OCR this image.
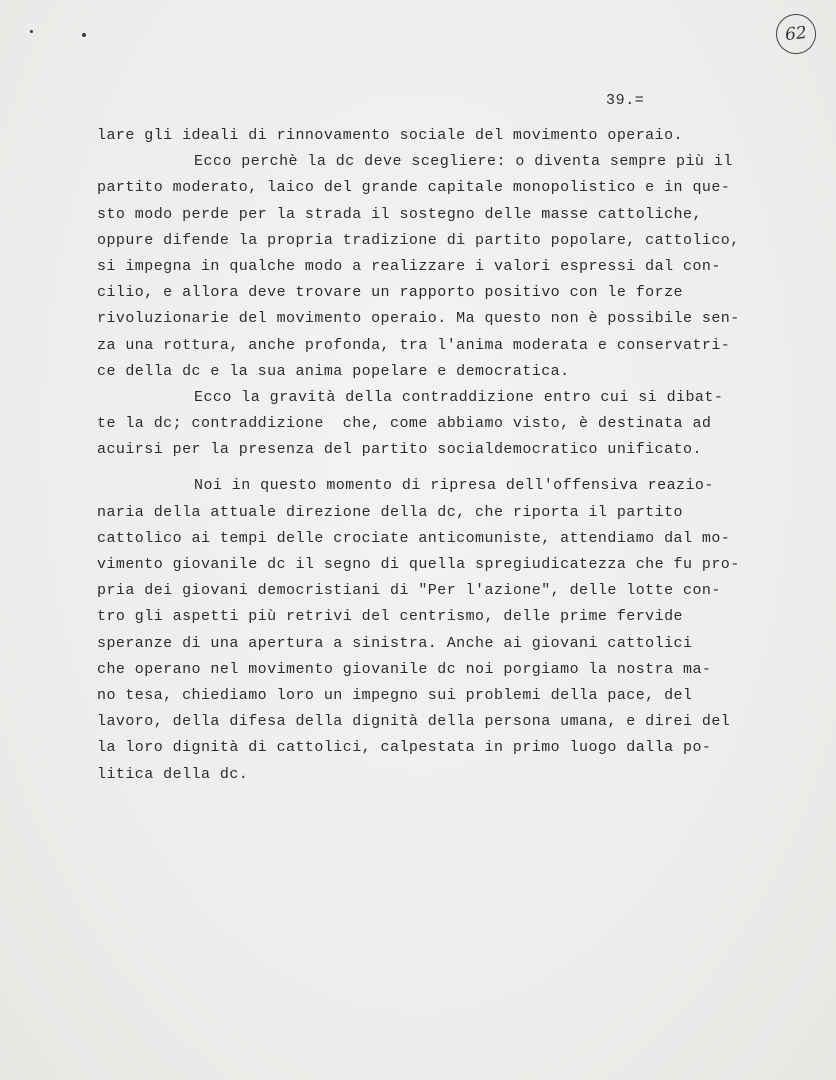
62
39.=
lare gli ideali di rinnovamento sociale del movimento operaio.
Ecco perchè la dc deve scegliere: o diventa sempre più il
partito moderato, laico del grande capitale monopolistico e in que-
sto modo perde per la strada il sostegno delle masse cattoliche,
oppure difende la propria tradizione di partito popolare, cattolico,
si impegna in qualche modo a realizzare i valori espressi dal con-
cilio, e allora deve trovare un rapporto positivo con le forze
rivoluzionarie del movimento operaio. Ma questo non è possibile sen-
za una rottura, anche profonda, tra l'anima moderata e conservatri-
ce della dc e la sua anima popelare e democratica.
Ecco la gravità della contraddizione entro cui si dibat-
te la dc; contraddizione  che, come abbiamo visto, è destinata ad
acuirsi per la presenza del partito socialdemocratico unificato.
Noi in questo momento di ripresa dell'offensiva reazio-
naria della attuale direzione della dc, che riporta il partito
cattolico ai tempi delle crociate anticomuniste, attendiamo dal mo-
vimento giovanile dc il segno di quella spregiudicatezza che fu pro-
pria dei giovani democristiani di "Per l'azione", delle lotte con-
tro gli aspetti più retrivi del centrismo, delle prime fervide
speranze di una apertura a sinistra. Anche ai giovani cattolici
che operano nel movimento giovanile dc noi porgiamo la nostra ma-
no tesa, chiediamo loro un impegno sui problemi della pace, del
lavoro, della difesa della dignità della persona umana, e direi del
la loro dignità di cattolici, calpestata in primo luogo dalla po-
litica della dc.
